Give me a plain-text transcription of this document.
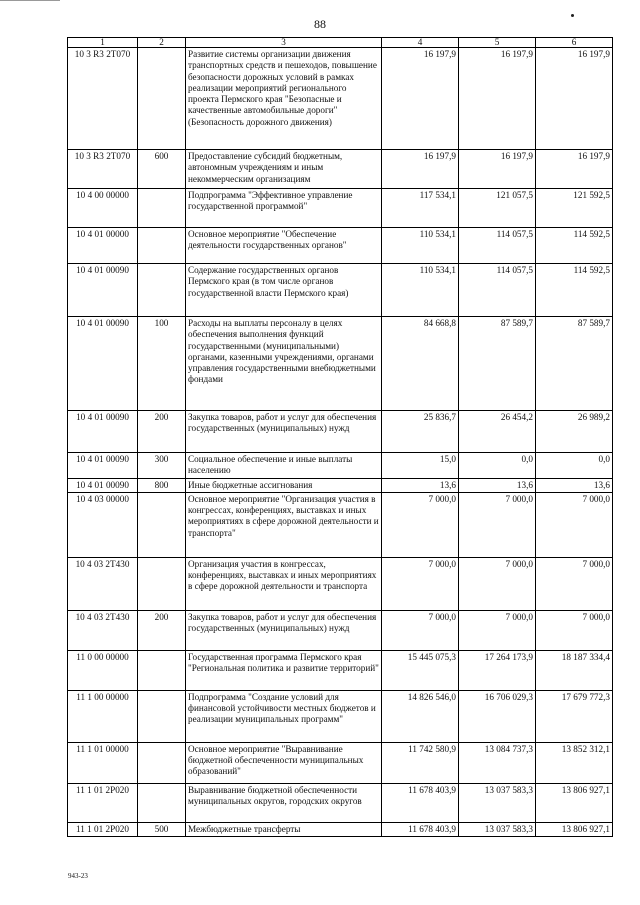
88
1	2	3	4	5	6
10 3 R3 2T070		Развитие системы организации движения транспортных средств и пешеходов, повышение безопасности дорожных условий в рамках реализации мероприятий регионального проекта Пермского края "Безопасные и качественные автомобильные дороги" (Безопасность дорожного движения)	16 197,9	16 197,9	16 197,9
10 3 R3 2T070	600	Предоставление субсидий бюджетным, автономным учреждениям и иным некоммерческим организациям	16 197,9	16 197,9	16 197,9
10 4 00 00000		Подпрограмма "Эффективное управление государственной программой"	117 534,1	121 057,5	121 592,5
10 4 01 00000		Основное мероприятие "Обеспечение деятельности государственных органов"	110 534,1	114 057,5	114 592,5
10 4 01 00090		Содержание государственных органов Пермского края (в том числе органов государственной власти Пермского края)	110 534,1	114 057,5	114 592,5
10 4 01 00090	100	Расходы на выплаты персоналу в целях обеспечения выполнения функций государственными (муниципальными) органами, казенными учреждениями, органами управления государственными внебюджетными фондами	84 668,8	87 589,7	87 589,7
10 4 01 00090	200	Закупка товаров, работ и услуг для обеспечения государственных (муниципальных) нужд	25 836,7	26 454,2	26 989,2
10 4 01 00090	300	Социальное обеспечение и иные выплаты населению	15,0	0,0	0,0
10 4 01 00090	800	Иные бюджетные ассигнования	13,6	13,6	13,6
10 4 03 00000		Основное мероприятие "Организация участия в конгрессах, конференциях, выставках и иных мероприятиях в сфере дорожной деятельности и транспорта"	7 000,0	7 000,0	7 000,0
10 4 03 2T430		Организация участия в конгрессах, конференциях, выставках и иных мероприятиях в сфере дорожной деятельности и транспорта	7 000,0	7 000,0	7 000,0
10 4 03 2T430	200	Закупка товаров, работ и услуг для обеспечения государственных (муниципальных) нужд	7 000,0	7 000,0	7 000,0
11 0 00 00000		Государственная программа Пермского края "Региональная политика и развитие территорий"	15 445 075,3	17 264 173,9	18 187 334,4
11 1 00 00000		Подпрограмма "Создание условий для финансовой устойчивости местных бюджетов и реализации муниципальных программ"	14 826 546,0	16 706 029,3	17 679 772,3
11 1 01 00000		Основное мероприятие "Выравнивание бюджетной обеспеченности муниципальных образований"	11 742 580,9	13 084 737,3	13 852 312,1
11 1 01 2P020		Выравнивание бюджетной обеспеченности муниципальных округов, городских округов	11 678 403,9	13 037 583,3	13 806 927,1
11 1 01 2P020	500	Межбюджетные трансферты	11 678 403,9	13 037 583,3	13 806 927,1
943-23
